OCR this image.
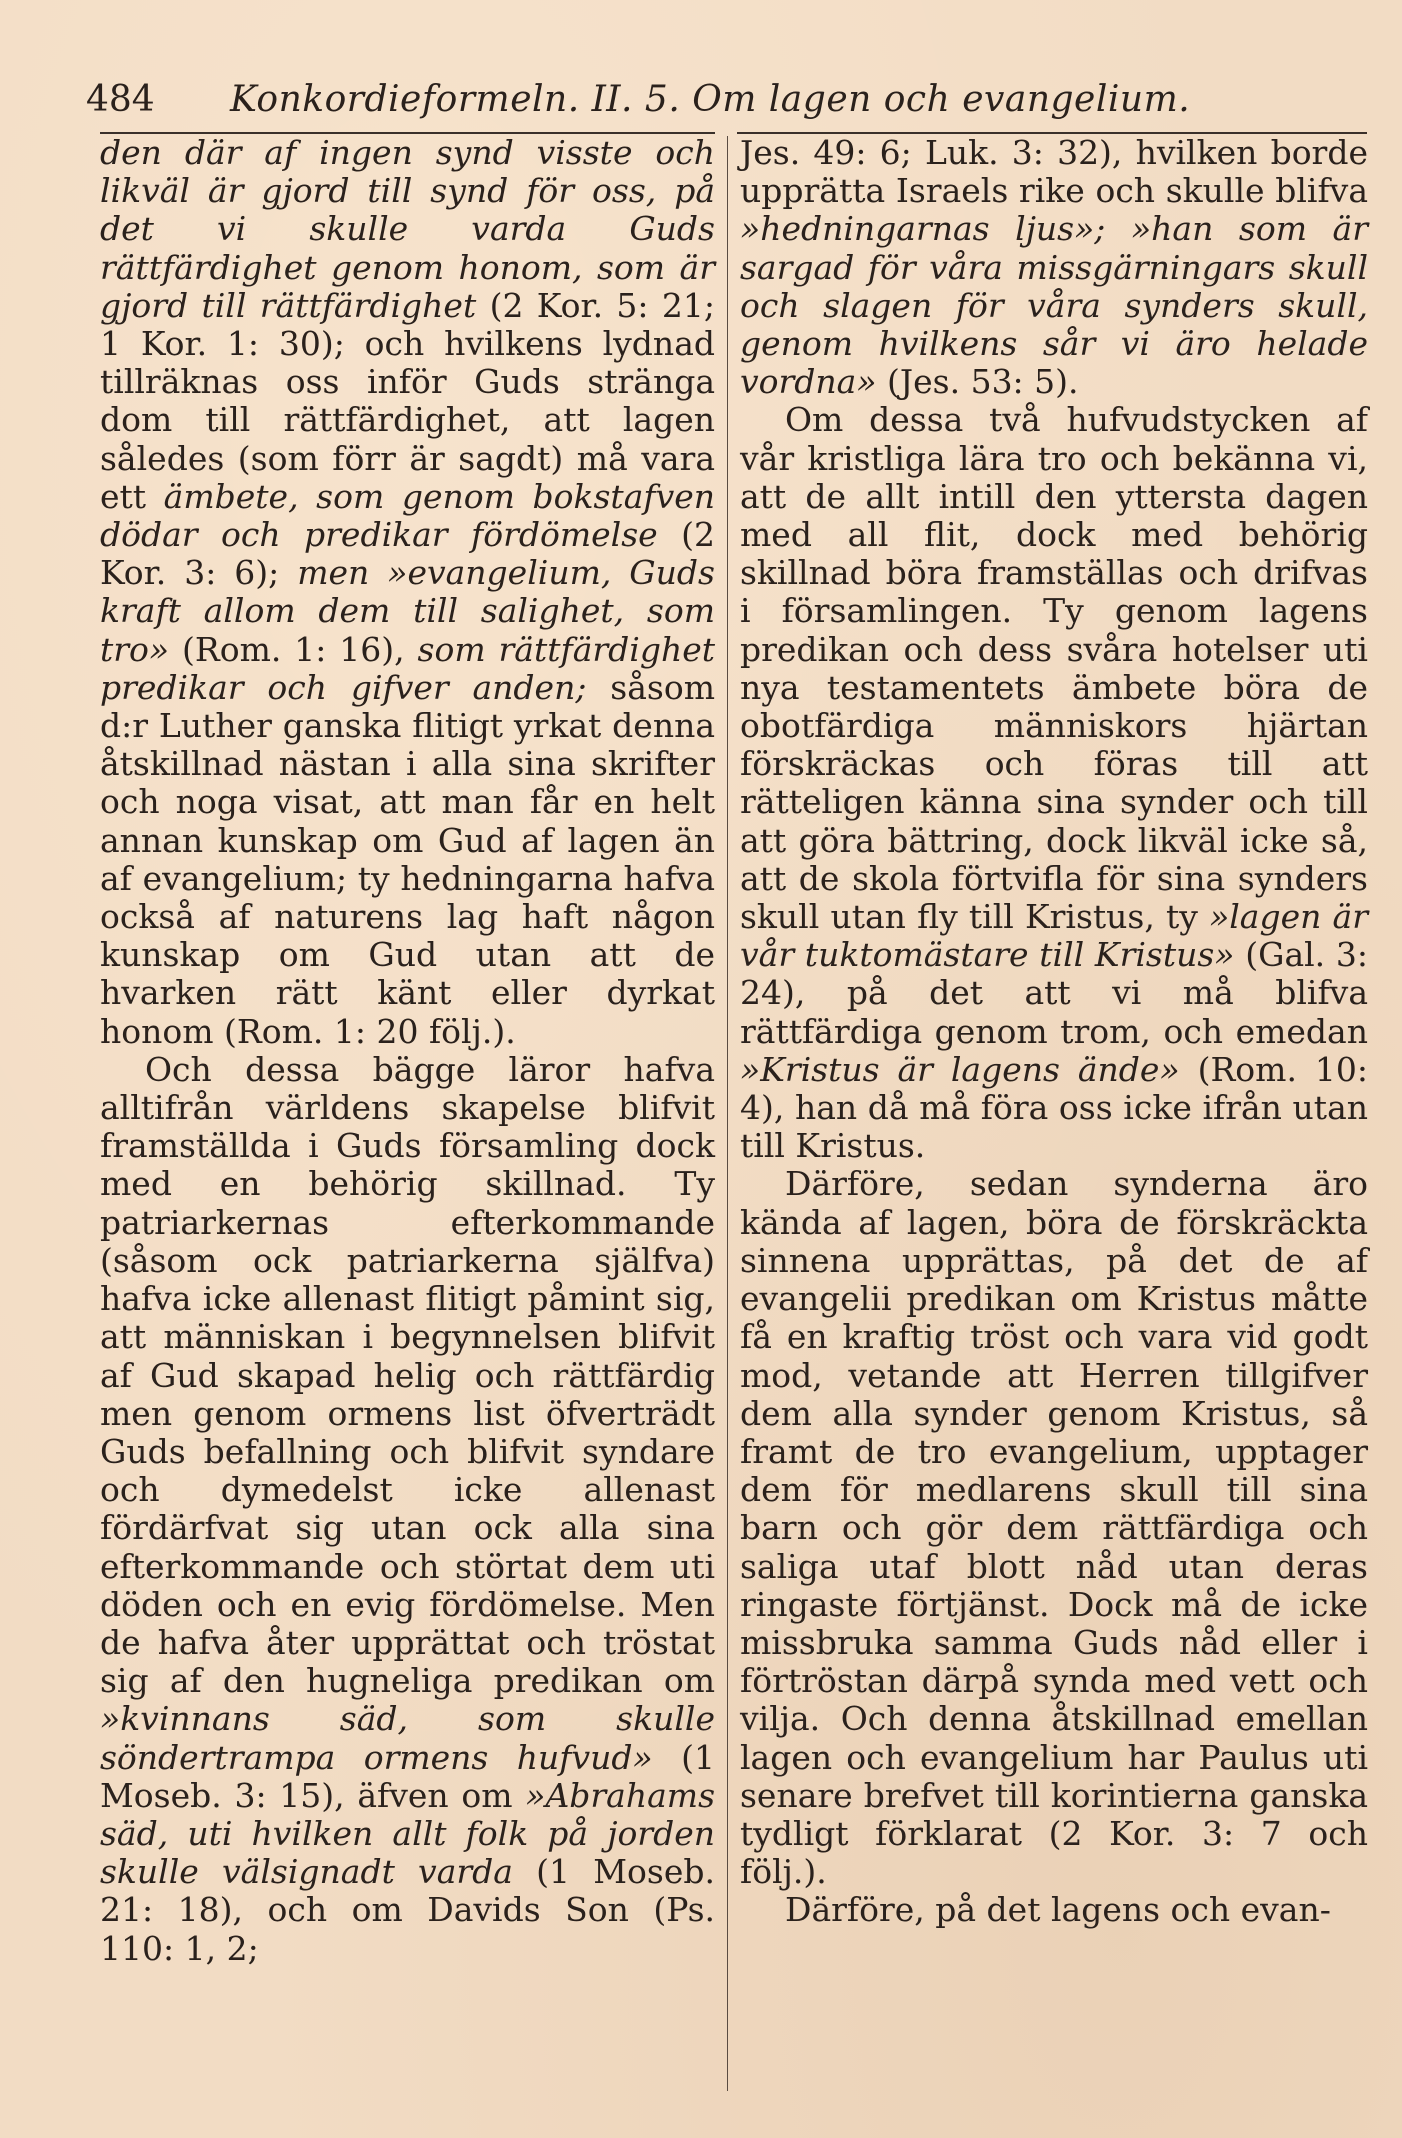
484 Konkordieformeln. II. 5. Om lagen och evangelium.

den där af ingen synd visste och likväl är gjord till synd för oss, på det vi skulle varda Guds rättfärdighet genom honom, som är gjord till rättfärdighet (2 Kor. 5: 21; 1 Kor. 1: 30); och hvilkens lydnad tillräknas oss inför Guds stränga dom till rättfärdighet, att lagen således (som förr är sagdt) må vara ett ämbete, som genom bokstafven dödar och predikar fördömelse (2 Kor. 3: 6); men »evangelium, Guds kraft allom dem till salighet, som tro» (Rom. 1: 16), som rättfärdighet predikar och gifver anden; såsom d:r Luther ganska flitigt yrkat denna åtskillnad nästan i alla sina skrifter och noga visat, att man får en helt annan kunskap om Gud af lagen än af evangelium; ty hedningarna hafva också af naturens lag haft någon kunskap om Gud utan att de hvarken rätt känt eller dyrkat honom (Rom. 1: 20 följ.).

Och dessa bägge läror hafva alltifrån världens skapelse blifvit framställda i Guds församling dock med en behörig skillnad. Ty patriarkernas efterkommande (såsom ock patriarkerna själfva) hafva icke allenast flitigt påmint sig, att människan i begynnelsen blifvit af Gud skapad helig och rättfärdig men genom ormens list öfverträdt Guds befallning och blifvit syndare och dymedelst icke allenast fördärfvat sig utan ock alla sina efterkommande och störtat dem uti döden och en evig fördömelse. Men de hafva åter upprättat och tröstat sig af den hugneliga predikan om »kvinnans säd, som skulle söndertrampa ormens hufvud» (1 Moseb. 3: 15), äfven om »Abrahams säd, uti hvilken allt folk på jorden skulle välsignadt varda (1 Moseb. 21: 18), och om Davids Son (Ps. 110: 1, 2;

Jes. 49: 6; Luk. 3: 32), hvilken borde upprätta Israels rike och skulle blifva »hedningarnas ljus»; »han som är sargad för våra missgärningars skull och slagen för våra synders skull, genom hvilkens sår vi äro helade vordna» (Jes. 53: 5).

Om dessa två hufvudstycken af vår kristliga lära tro och bekänna vi, att de allt intill den yttersta dagen med all flit, dock med behörig skillnad böra framställas och drifvas i församlingen. Ty genom lagens predikan och dess svåra hotelser uti nya testamentets ämbete böra de obotfärdiga människors hjärtan förskräckas och föras till att rätteligen känna sina synder och till att göra bättring, dock likväl icke så, att de skola förtvifla för sina synders skull utan fly till Kristus, ty »lagen är vår tuktomästare till Kristus» (Gal. 3: 24), på det att vi må blifva rättfärdiga genom trom, och emedan »Kristus är lagens ände» (Rom. 10: 4), han då må föra oss icke ifrån utan till Kristus.

Därföre, sedan synderna äro kända af lagen, böra de förskräckta sinnena upprättas, på det de af evangelii predikan om Kristus måtte få en kraftig tröst och vara vid godt mod, vetande att Herren tillgifver dem alla synder genom Kristus, så framt de tro evangelium, upptager dem för medlarens skull till sina barn och gör dem rättfärdiga och saliga utaf blott nåd utan deras ringaste förtjänst. Dock må de icke missbruka samma Guds nåd eller i förtröstan därpå synda med vett och vilja. Och denna åtskillnad emellan lagen och evangelium har Paulus uti senare brefvet till korintierna ganska tydligt förklarat (2 Kor. 3: 7 och följ.).

Därföre, på det lagens och evan-
